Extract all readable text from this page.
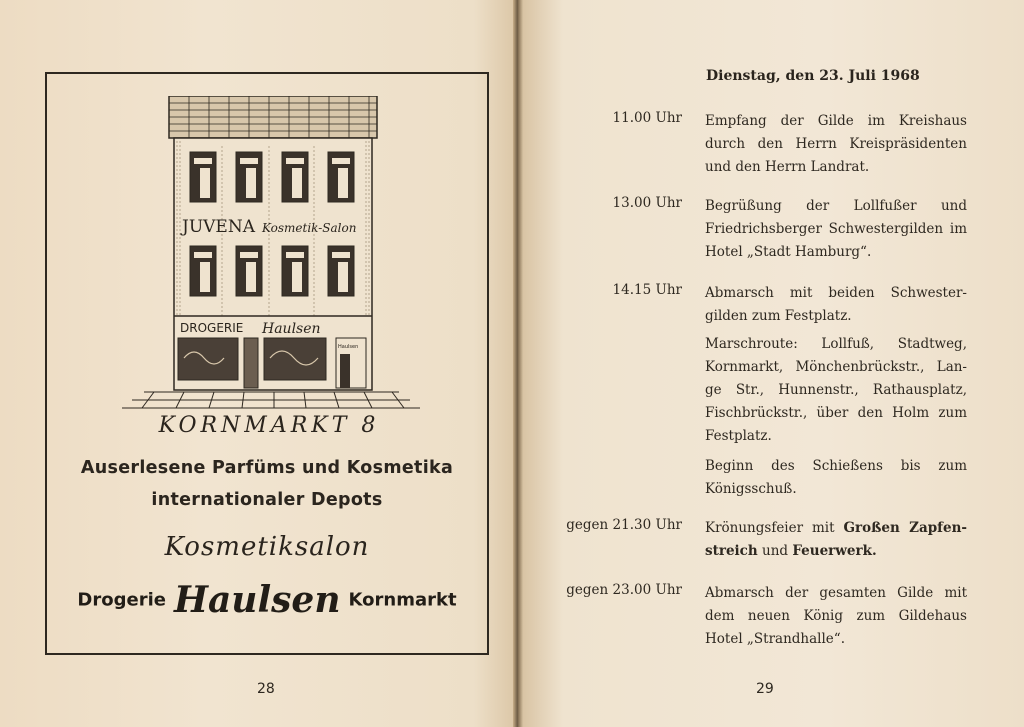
JUVENA Kosmetik-Salon
DROGERIE Haulsen
Haulsen
KORNMARKT 8
Auserlesene Parfüms und Kosmetika
internationaler Depots
Kosmetiksalon
Drogerie Haulsen Kornmarkt
28
Dienstag, den 23. Juli 1968
11.00 Uhr Empfang der Gilde im Kreishaus durch den Herrn Kreispräsidenten und den Herrn Landrat.
13.00 Uhr Begrüßung der Lollfußer und Friedrichsberger Schwestergilden im Hotel „Stadt Hamburg“.
14.15 Uhr Abmarsch mit beiden Schwester-gilden zum Festplatz.
Marschroute: Lollfuß, Stadtweg, Kornmarkt, Mönchenbrückstr., Lan-ge Str., Hunnenstr., Rathausplatz, Fischbrückstr., über den Holm zum Festplatz.
Beginn des Schießens bis zum Königsschuß.
gegen 21.30 Uhr Krönungsfeier mit Großen Zapfen-streich und Feuerwerk.
gegen 23.00 Uhr Abmarsch der gesamten Gilde mit dem neuen König zum Gildehaus Hotel „Strandhalle“.
29
